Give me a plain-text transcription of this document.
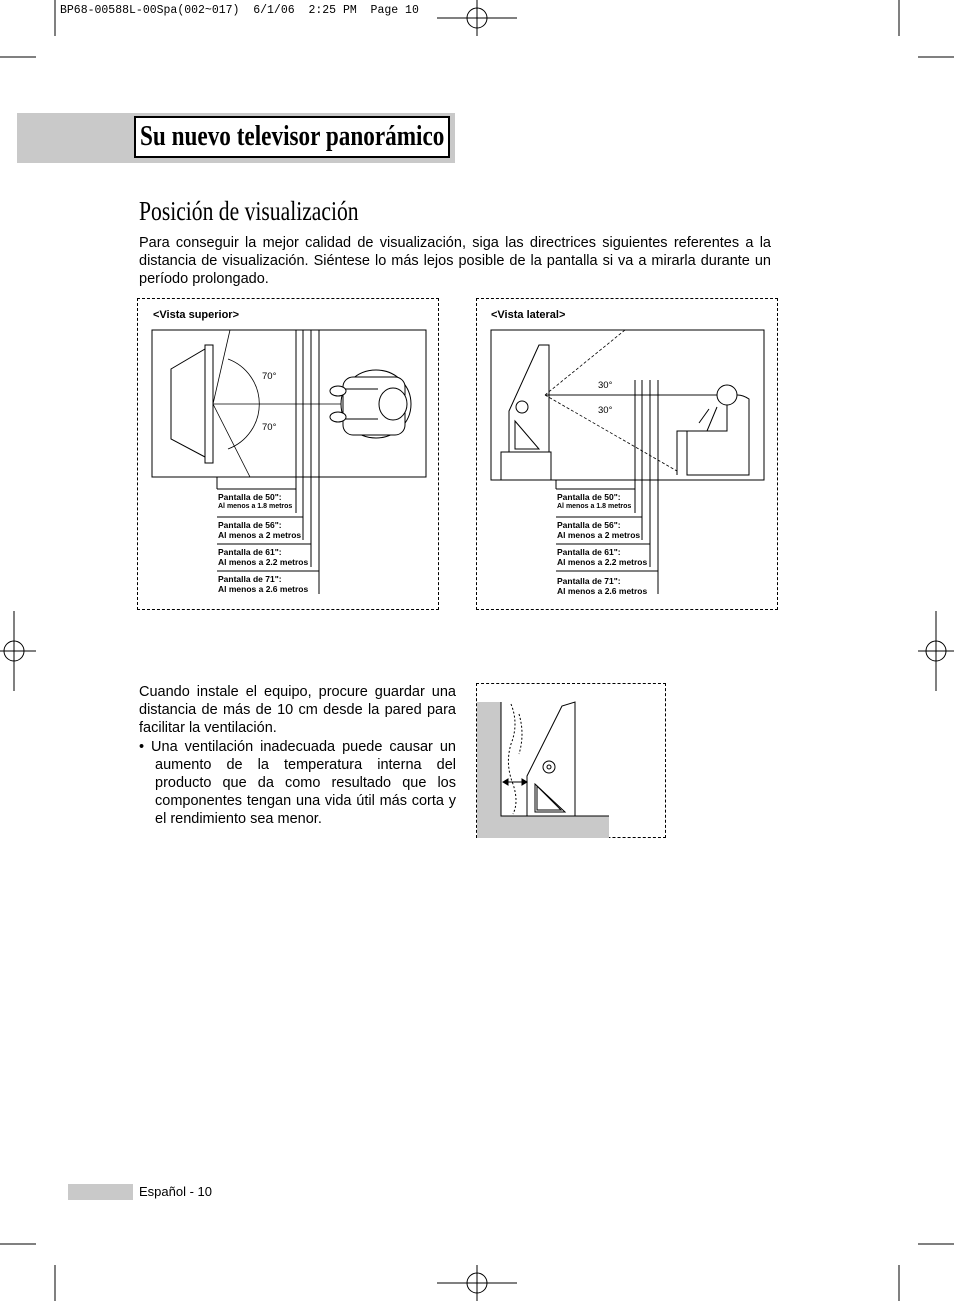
BP68-00588L-00Spa(002~017)  6/1/06  2:25 PM  Page 10
Su nuevo televisor panorámico
Posición de visualización
Para conseguir la mejor calidad de visualización, siga las directrices siguientes referentes a la distancia de visualización. Siéntese lo más lejos posible de la pantalla si va a mirarla durante un período prolongado.
<Vista superior>
70°
70°
Pantalla de 50":
Al menos a 1.8 metros
Pantalla de 56":
Al menos a 2 metros
Pantalla de 61":
Al menos a 2.2 metros
Pantalla de 71":
Al menos a 2.6 metros
<Vista lateral>
30°
30°
Pantalla de 50":
Al menos a 1.8 metros
Pantalla de 56":
Al menos a 2 metros
Pantalla de 61":
Al menos a 2.2 metros
Pantalla de 71":
Al menos a 2.6 metros

Cuando instale el equipo, procure guardar una distancia de más de 10 cm desde la pared para facilitar la ventilación.

• Una ventilación inadecuada puede causar un aumento de la temperatura interna del producto que da como resultado que los componentes tengan una vida útil más corta y el rendimiento sea menor.

Español - 10
